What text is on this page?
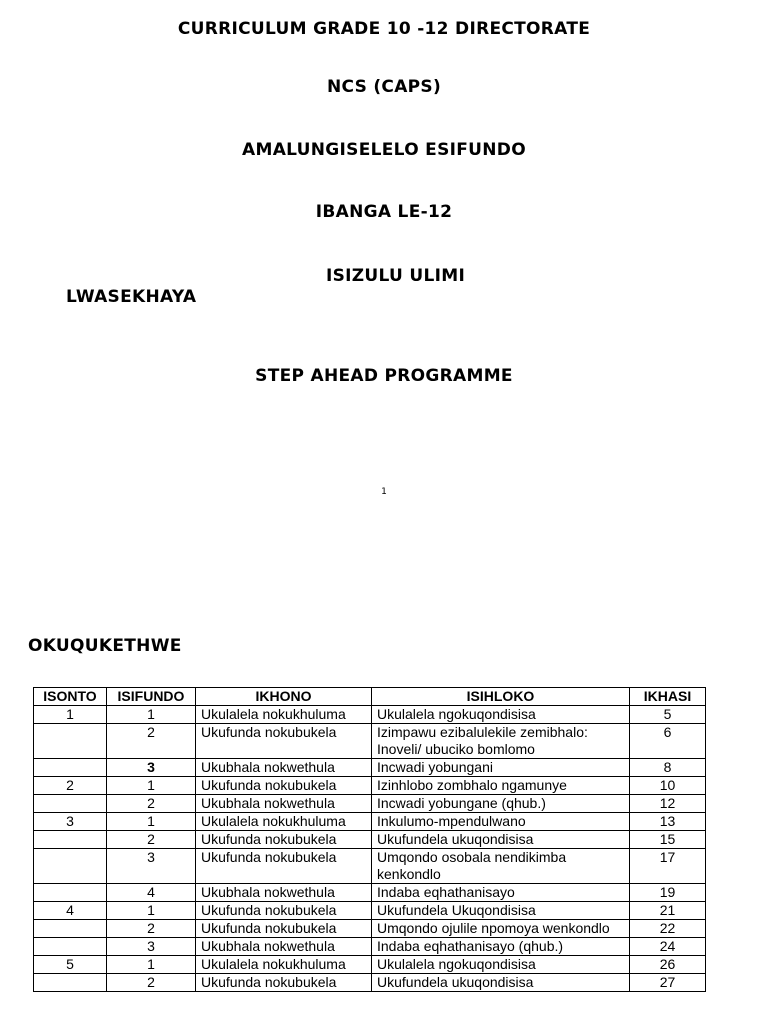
CURRICULUM GRADE 10 -12 DIRECTORATE
NCS (CAPS)
AMALUNGISELELO ESIFUNDO
IBANGA LE-12
ISIZULU ULIMI
LWASEKHAYA
STEP AHEAD PROGRAMME
1
OKUQUKETHWE
ISONTO	ISIFUNDO	IKHONO	ISIHLOKO	IKHASI
1	1	Ukulalela nokukhuluma	Ukulalela ngokuqondisisa	5
	2	Ukufunda nokubukela	Izimpawu ezibalulekile zemibhalo: Inoveli/ ubuciko bomlomo	6
	3	Ukubhala nokwethula	Incwadi yobungani	8
2	1	Ukufunda nokubukela	Izinhlobo zombhalo ngamunye	10
	2	Ukubhala nokwethula	Incwadi yobungane (qhub.)	12
3	1	Ukulalela nokukhuluma	Inkulumo-mpendulwano	13
	2	Ukufunda nokubukela	Ukufundela ukuqondisisa	15
	3	Ukufunda nokubukela	Umqondo osobala nendikimba kenkondlo	17
	4	Ukubhala nokwethula	Indaba eqhathanisayo	19
4	1	Ukufunda nokubukela	Ukufundela Ukuqondisisa	21
	2	Ukufunda nokubukela	Umqondo ojulile npomoya wenkondlo	22
	3	Ukubhala nokwethula	Indaba eqhathanisayo (qhub.)	24
5	1	Ukulalela nokukhuluma	Ukulalela ngokuqondisisa	26
	2	Ukufunda nokubukela	Ukufundela ukuqondisisa	27
